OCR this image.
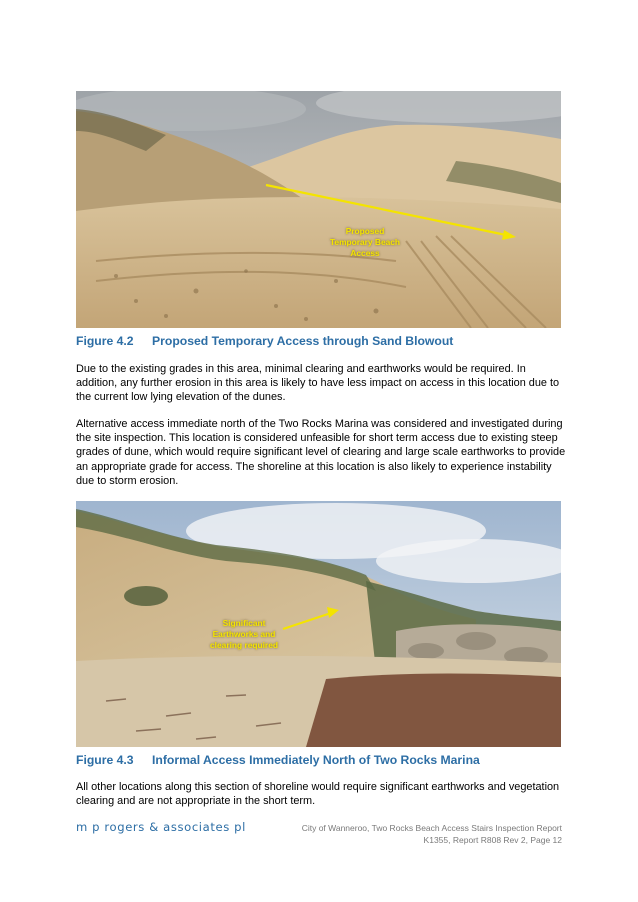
Proposed
Temporary Beach
Access
Figure 4.2 Proposed Temporary Access through Sand Blowout

Due to the existing grades in this area, minimal clearing and earthworks would be required. In addition, any further erosion in this area is likely to have less impact on access in this location due to the current low lying elevation of the dunes.

Alternative access immediate north of the Two Rocks Marina was considered and investigated during the site inspection. This location is considered unfeasible for short term access due to existing steep grades of dune, which would require significant level of clearing and large scale earthworks to provide an appropriate grade for access. The shoreline at this location is also likely to experience instability due to storm erosion.

Significant
Earthworks and
clearing required
Figure 4.3 Informal Access Immediately North of Two Rocks Marina

All other locations along this section of shoreline would require significant earthworks and vegetation clearing and are not appropriate in the short term.

m p rogers & associates pl	City of Wanneroo, Two Rocks Beach Access Stairs Inspection Report
K1355, Report R808 Rev 2, Page 12
